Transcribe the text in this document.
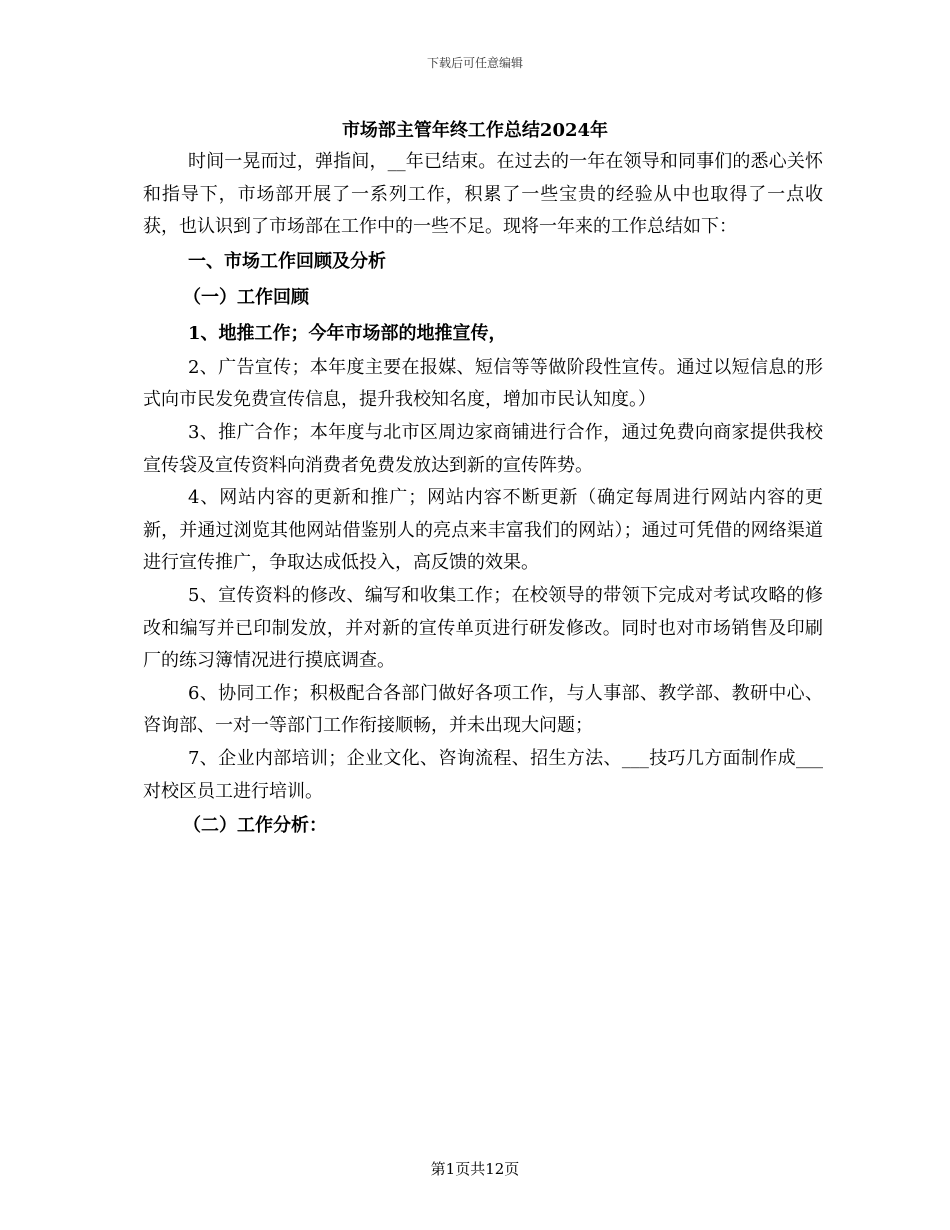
下载后可任意编辑
市场部主管年终工作总结2024年

时间一晃而过，弹指间，__年已结束。在过去的一年在领导和同事们的悉心关怀和指导下，市场部开展了一系列工作，积累了一些宝贵的经验从中也取得了一点收获，也认识到了市场部在工作中的一些不足。现将一年来的工作总结如下：

一、市场工作回顾及分析

（一）工作回顾

1、地推工作；今年市场部的地推宣传，

2、广告宣传；本年度主要在报媒、短信等等做阶段性宣传。通过以短信息的形式向市民发免费宣传信息，提升我校知名度，增加市民认知度。）

3、推广合作；本年度与北市区周边家商铺进行合作，通过免费向商家提供我校宣传袋及宣传资料向消费者免费发放达到新的宣传阵势。

4、网站内容的更新和推广；网站内容不断更新（确定每周进行网站内容的更新，并通过浏览其他网站借鉴别人的亮点来丰富我们的网站）；通过可凭借的网络渠道进行宣传推广，争取达成低投入，高反馈的效果。

5、宣传资料的修改、编写和收集工作；在校领导的带领下完成对考试攻略的修改和编写并已印制发放，并对新的宣传单页进行研发修改。同时也对市场销售及印刷厂的练习簿情况进行摸底调查。

6、协同工作；积极配合各部门做好各项工作，与人事部、教学部、教研中心、咨询部、一对一等部门工作衔接顺畅，并未出现大问题；

7、企业内部培训；企业文化、咨询流程、招生方法、___技巧几方面制作成___对校区员工进行培训。

（二）工作分析：

第1页共12页
